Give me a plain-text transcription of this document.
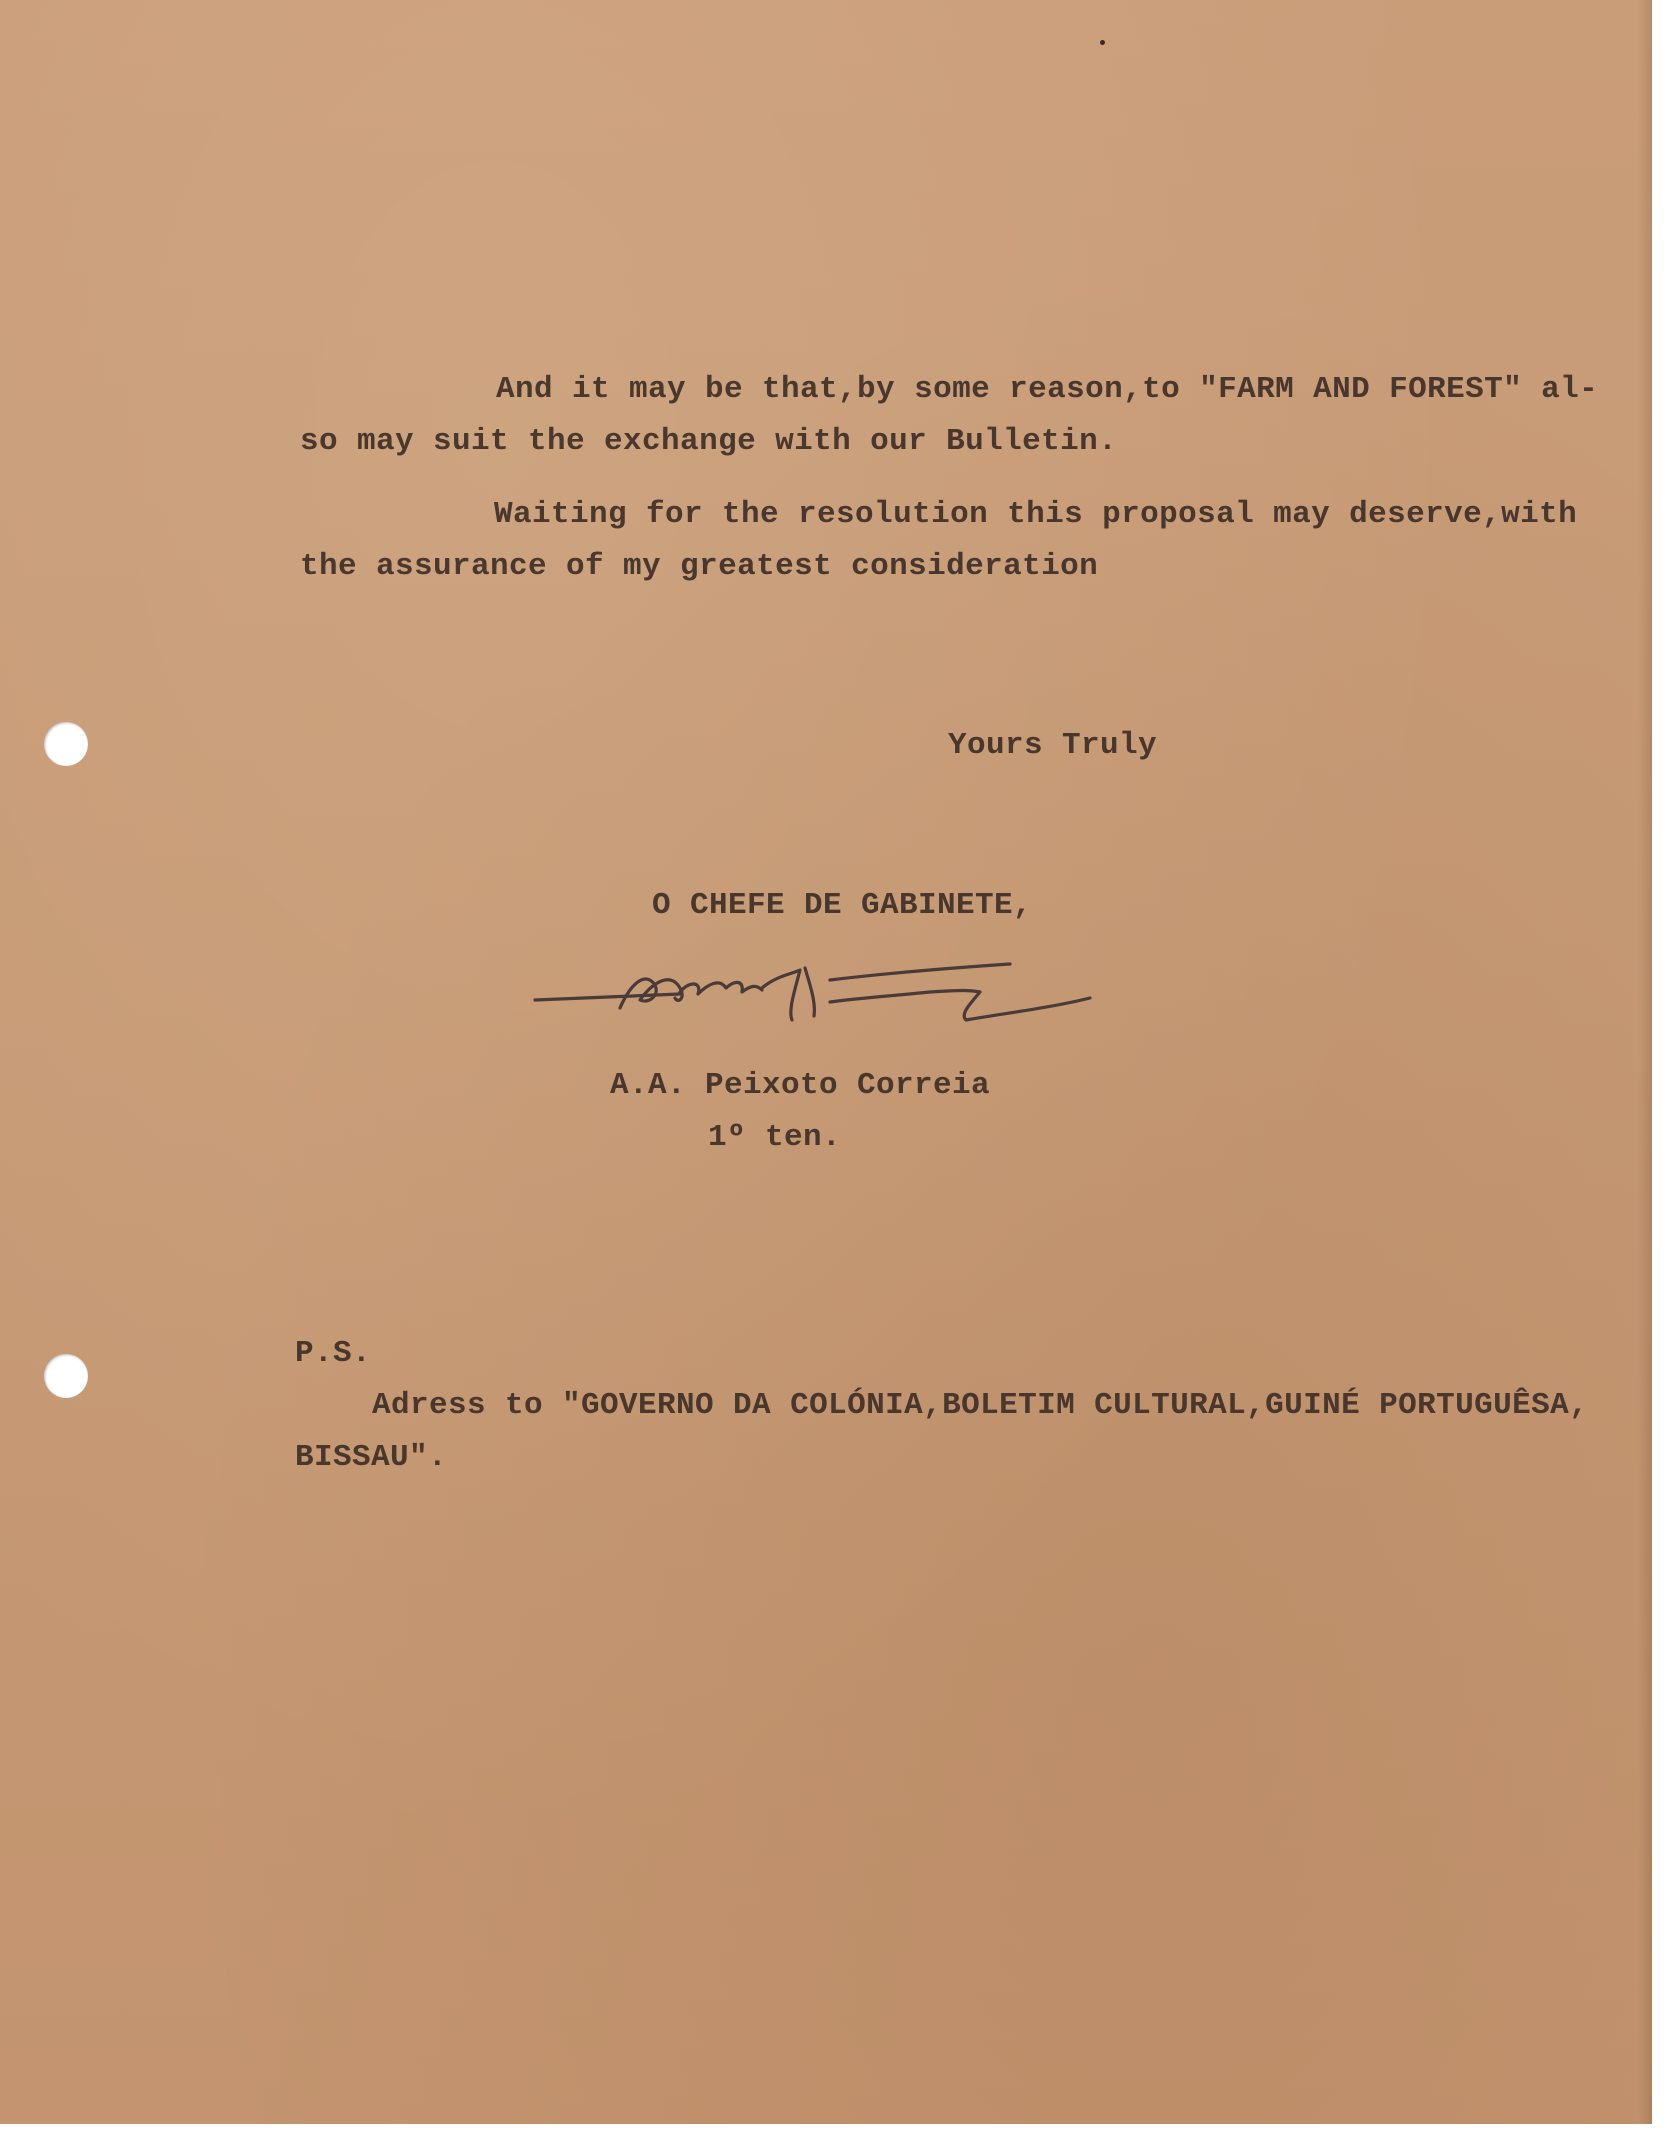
And it may be that,by some reason,to "FARM AND FOREST" al-
so may suit the exchange with our Bulletin.
Waiting for the resolution this proposal may deserve,with
the assurance of my greatest consideration
Yours Truly
O CHEFE DE GABINETE,
A.A. Peixoto Correia
1º ten.
P.S.
Adress to "GOVERNO DA COLÓNIA,BOLETIM CULTURAL,GUINÉ PORTUGUÊSA,
BISSAU".
